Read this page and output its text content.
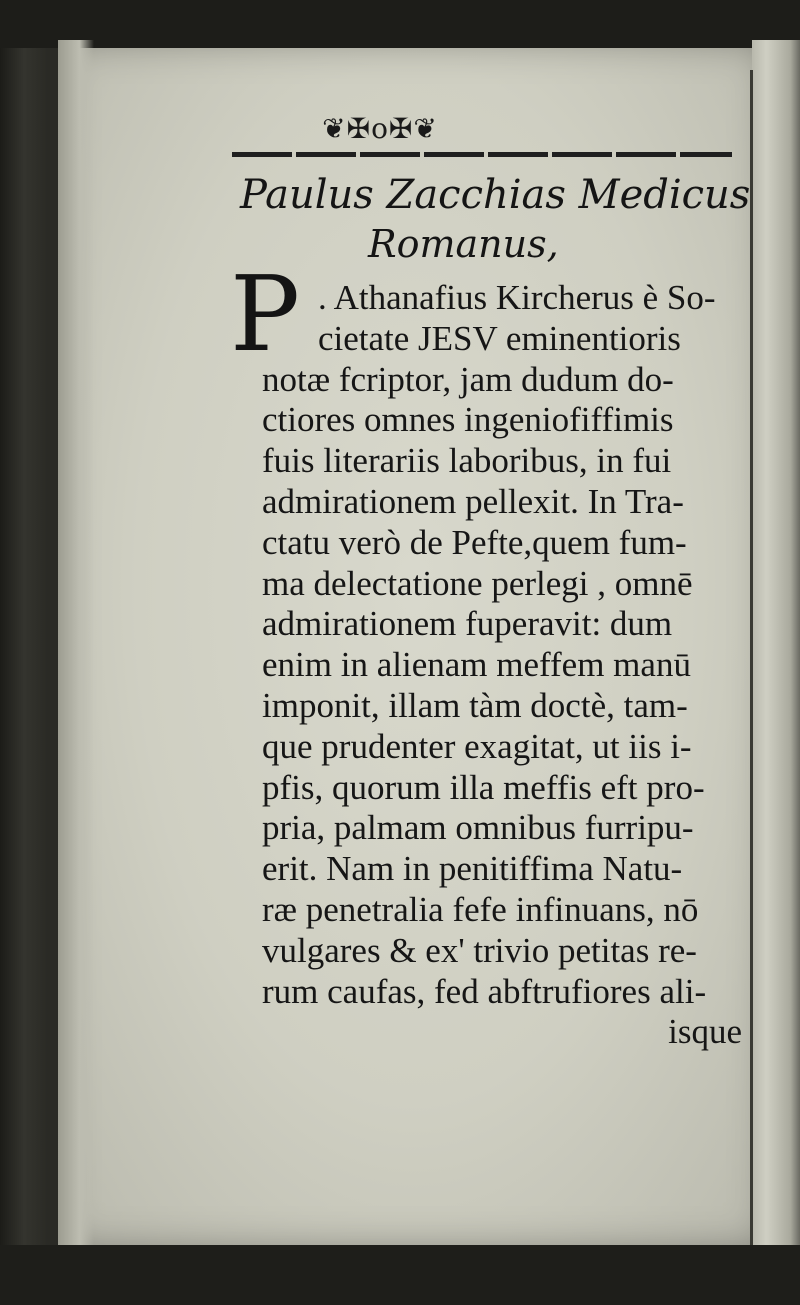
❦✠o✠❦
Paulus Zacchias Medicus
Romanus,
P . Athanafius Kircherus è So-
cietate JESV eminentioris
notæ fcriptor, jam dudum do-
ctiores omnes ingeniofiffimis
fuis literariis laboribus, in fui
admirationem pellexit. In Tra-
ctatu verò de Pefte,quem fum-
ma delectatione perlegi , omnē
admirationem fuperavit: dum
enim in alienam meffem manū
imponit, illam tàm doctè, tam-
que prudenter exagitat, ut iis i-
pfis, quorum illa meffis eft pro-
pria, palmam omnibus furripu-
erit. Nam in penitiffima Natu-
ræ penetralia fefe infinuans, nō
vulgares & ex' trivio petitas re-
rum caufas, fed abftrufiores ali-
isque
